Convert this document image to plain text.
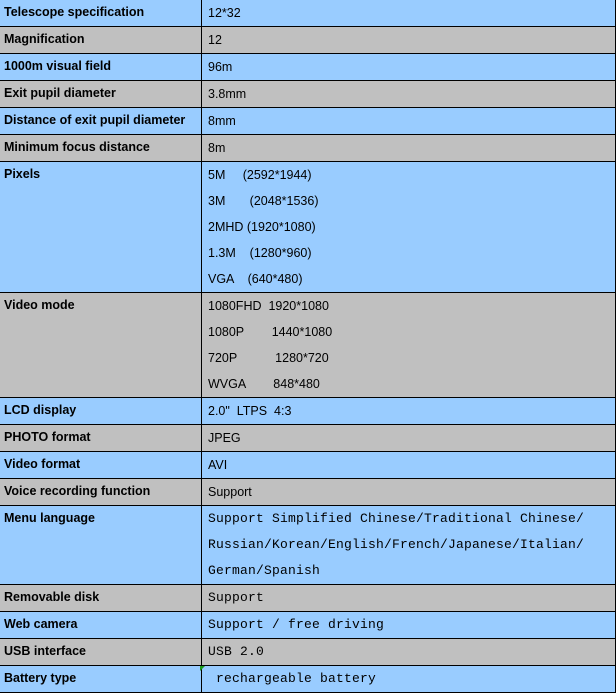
Telescope specification	12*32

Magnification	12

1000m visual field	96m

Exit pupil diameter	3.8mm

Distance of exit pupil diameter	8mm

Minimum focus distance	8m

Pixels	5M     (2592*1944)
3M       (2048*1536)
2MHD (1920*1080)
1.3M    (1280*960)
VGA    (640*480)

Video mode	1080FHD  1920*1080
1080P        1440*1080
720P           1280*720
WVGA        848*480

LCD display	2.0"  LTPS  4:3

PHOTO format	JPEG

Video format	AVI

Voice recording function	Support

Menu language	Support Simplified Chinese/Traditional Chinese/
Russian/Korean/English/French/Japanese/Italian/
German/Spanish

Removable disk	Support

Web camera	Support / free driving

USB interface	USB 2.0

Battery type	rechargeable battery
